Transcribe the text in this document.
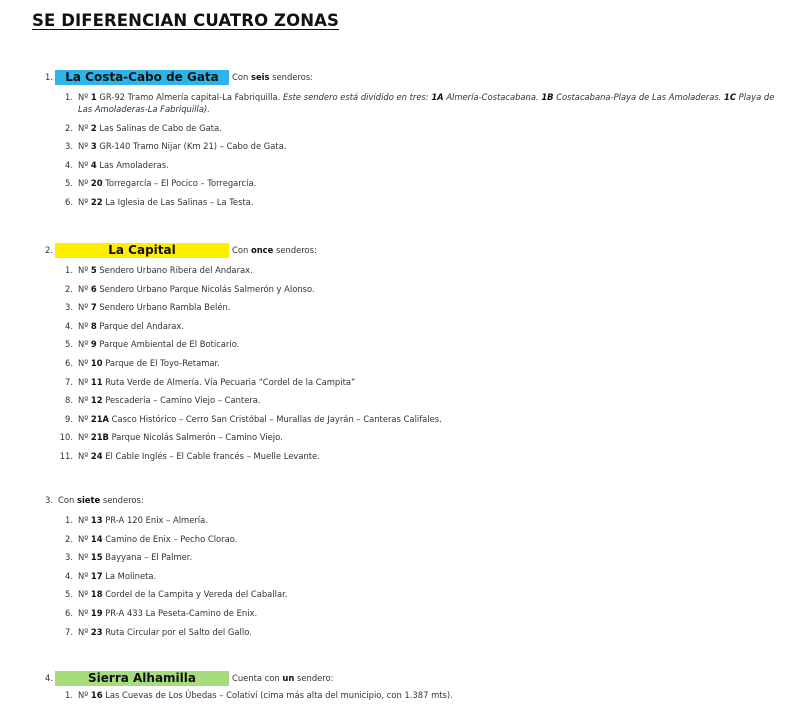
SE DIFERENCIAN CUATRO ZONAS
1.	La Costa-Cabo de Gata	Con seis senderos:
1. Nº 1 GR-92 Tramo Almería capital-La Fabriquilla. Este sendero está dividido en tres: 1A Almería-Costacabana. 1B Costacabana-Playa de Las Amoladeras. 1C Playa de Las Amoladeras-La Fabriquilla).
2. Nº 2 Las Salinas de Cabo de Gata.
3. Nº 3 GR-140 Tramo Nijar (Km 21) – Cabo de Gata.
4. Nº 4 Las Amoladeras.
5. Nº 20 Torregarcía – El Pocico – Torregarcía.
6. Nº 22 La Iglesia de Las Salinas – La Testa.
2.	La Capital	Con once senderos:
1. Nº 5 Sendero Urbano Ribera del Andarax.
2. Nº 6 Sendero Urbano Parque Nicolás Salmerón y Alonso.
3. Nº 7 Sendero Urbano Rambla Belén.
4. Nº 8 Parque del Andarax.
5. Nº 9 Parque Ambiental de El Boticario.
6. Nº 10 Parque de El Toyo-Retamar.
7. Nº 11 Ruta Verde de Almería. Vía Pecuaria “Cordel de la Campita”
8. Nº 12 Pescadería – Camino Viejo – Cantera.
9. Nº 21A Casco Histórico – Cerro San Cristóbal – Murallas de Jayrán – Canteras Califales.
10. Nº 21B Parque Nicolás Salmerón – Camino Viejo.
11. Nº 24 El Cable Inglés – El Cable francés – Muelle Levante.
3. Con siete senderos:
1. Nº 13 PR-A 120 Enix – Almería.
2. Nº 14 Camino de Enix – Pecho Clorao.
3. Nº 15 Bayyana – El Palmer.
4. Nº 17 La Molineta.
5. Nº 18 Cordel de la Campita y Vereda del Caballar.
6. Nº 19 PR-A 433 La Peseta-Camino de Enix.
7. Nº 23 Ruta Circular por el Salto del Gallo.
4.	Sierra Alhamilla	Cuenta con un sendero:
1. Nº 16 Las Cuevas de Los Úbedas – Colativí (cima más alta del municipio, con 1.387 mts).
